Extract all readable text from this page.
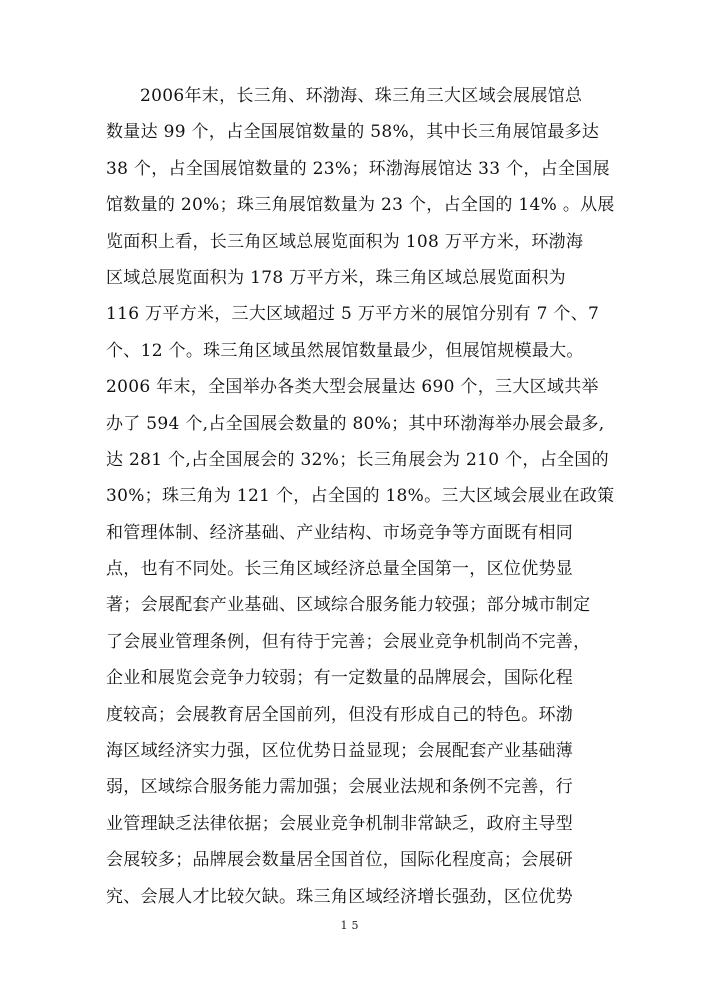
2006年末，长三角、环渤海、珠三角三大区域会展展馆总
数量达 99 个，占全国展馆数量的 58%，其中长三角展馆最多达
38 个，占全国展馆数量的 23%；环渤海展馆达 33 个，占全国展
馆数量的 20%；珠三角展馆数量为 23 个，占全国的 14% 。从展
览面积上看，长三角区域总展览面积为 108 万平方米，环渤海
区域总展览面积为 178 万平方米，珠三角区域总展览面积为
116 万平方米，三大区域超过 5 万平方米的展馆分别有 7 个、7
个、12 个。珠三角区域虽然展馆数量最少，但展馆规模最大。
2006 年末，全国举办各类大型会展量达 690 个，三大区域共举
办了 594 个,占全国展会数量的 80%；其中环渤海举办展会最多,
达 281 个,占全国展会的 32%；长三角展会为 210 个，占全国的
30%；珠三角为 121 个，占全国的 18%。三大区域会展业在政策
和管理体制、经济基础、产业结构、市场竞争等方面既有相同
点，也有不同处。长三角区域经济总量全国第一，区位优势显
著；会展配套产业基础、区域综合服务能力较强；部分城市制定
了会展业管理条例，但有待于完善；会展业竞争机制尚不完善，
企业和展览会竞争力较弱；有一定数量的品牌展会，国际化程
度较高；会展教育居全国前列，但没有形成自己的特色。环渤
海区域经济实力强，区位优势日益显现；会展配套产业基础薄
弱，区域综合服务能力需加强；会展业法规和条例不完善，行
业管理缺乏法律依据；会展业竞争机制非常缺乏，政府主导型
会展较多；品牌展会数量居全国首位，国际化程度高；会展研
究、会展人才比较欠缺。珠三角区域经济增长强劲，区位优势
15
